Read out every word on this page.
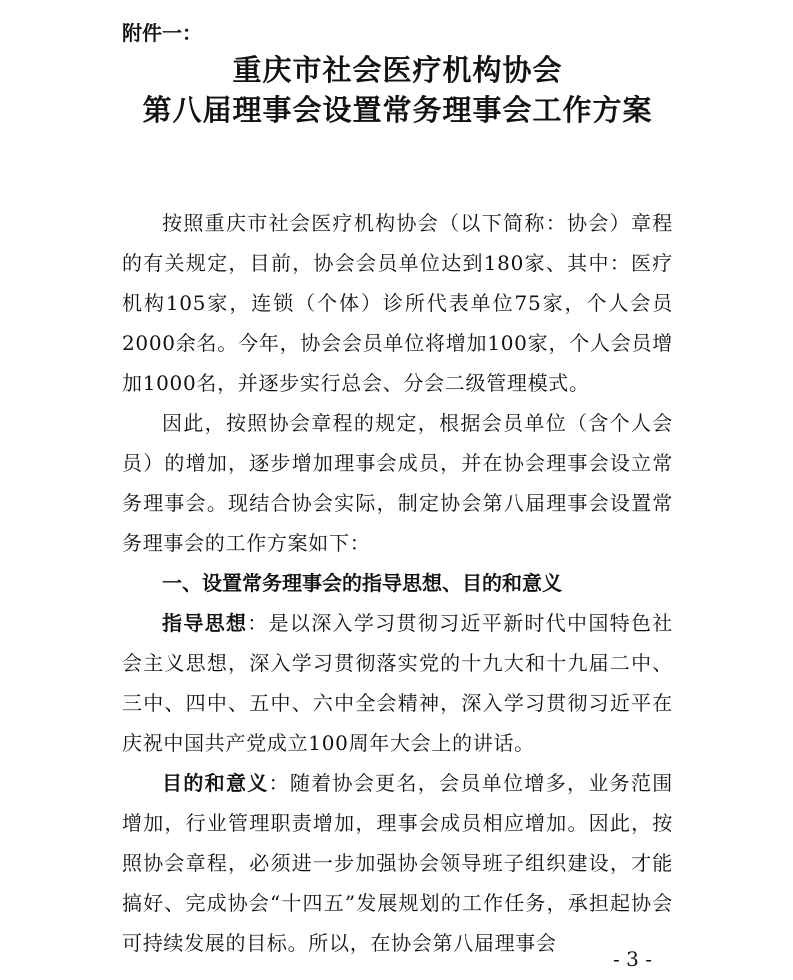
附件一：
重庆市社会医疗机构协会
第八届理事会设置常务理事会工作方案

按照重庆市社会医疗机构协会（以下简称：协会）章程的有关规定，目前，协会会员单位达到180家、其中：医疗机构105家，连锁（个体）诊所代表单位75家，个人会员2000余名。今年，协会会员单位将增加100家，个人会员增加1000名，并逐步实行总会、分会二级管理模式。

因此，按照协会章程的规定，根据会员单位（含个人会员）的增加，逐步增加理事会成员，并在协会理事会设立常务理事会。现结合协会实际，制定协会第八届理事会设置常务理事会的工作方案如下：

一、设置常务理事会的指导思想、目的和意义

指导思想：是以深入学习贯彻习近平新时代中国特色社会主义思想，深入学习贯彻落实党的十九大和十九届二中、三中、四中、五中、六中全会精神，深入学习贯彻习近平在庆祝中国共产党成立100周年大会上的讲话。

目的和意义：随着协会更名，会员单位增多，业务范围增加，行业管理职责增加，理事会成员相应增加。因此，按照协会章程，必须进一步加强协会领导班子组织建设，才能搞好、完成协会“十四五”发展规划的工作任务，承担起协会可持续发展的目标。所以，在协会第八届理事会

- 3 -
